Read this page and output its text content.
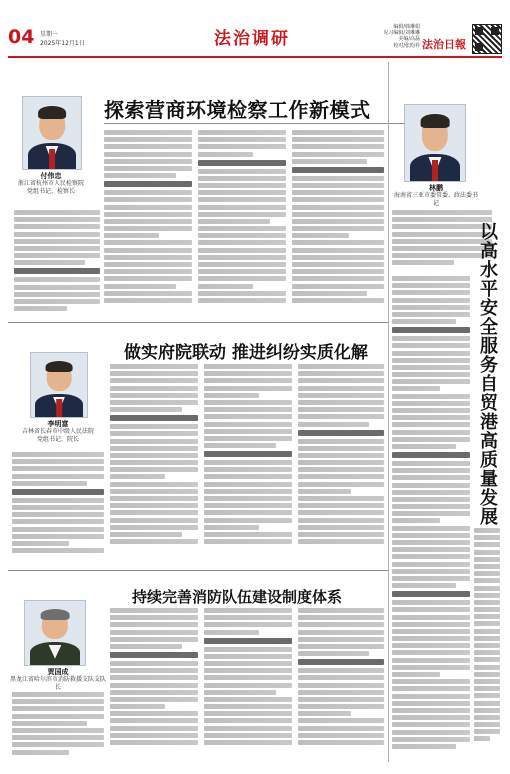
04 星期一
2025年12月1日	法治调研
编辑/韩琳娟
见习编辑/刘琳琳
美编/高磊
校对/张昀祥 法治日報
付伟忠
浙江省杭州市人民检察院
党组书记、检察长
探索营商环境检察工作新模式
林鹏
海南省三亚市委常委、政法委书记
以高水平安全服务自贸港高质量发展
做实府院联动 推进纠纷实质化解
李明富
吉林省长春市中级人民法院
党组书记、院长
持续完善消防队伍建设制度体系
贾国成
黑龙江省哈尔滨市消防救援支队支队长
